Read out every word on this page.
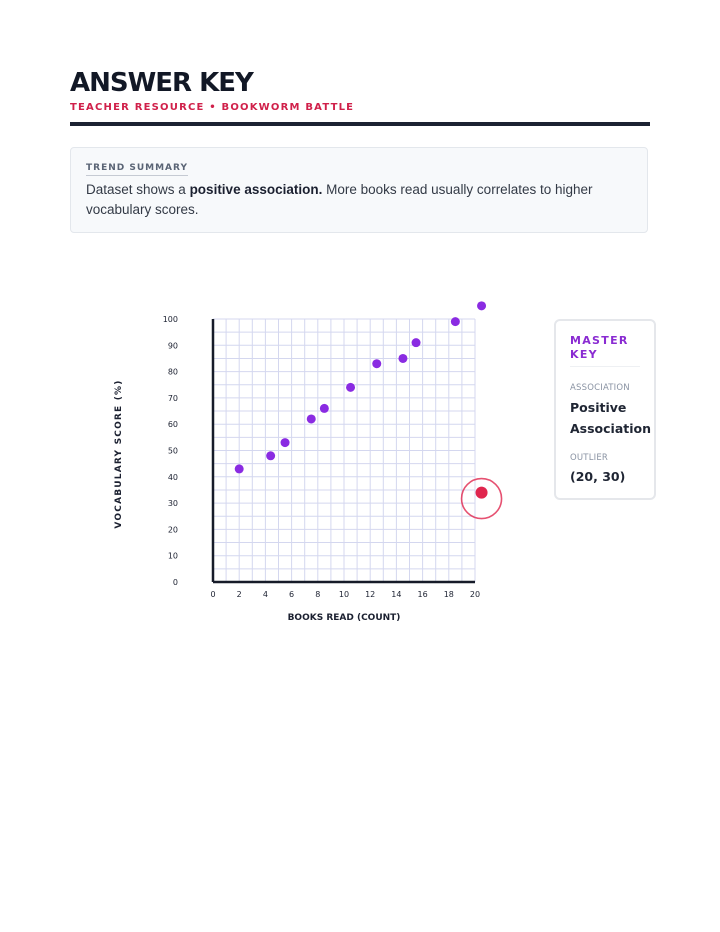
ANSWER KEY
TEACHER RESOURCE • BOOKWORM BATTLE
TREND SUMMARY
Dataset shows a positive association. More books read usually correlates to higher vocabulary scores.
VOCABULARY SCORE (%)
BOOKS READ (COUNT)
0	2	4	6	8 10 12 14 16 18 20
0
10
20
30
40
50
60
70
80
90
100
MASTER KEY
ASSOCIATION
Positive Association
OUTLIER
(20, 30)
